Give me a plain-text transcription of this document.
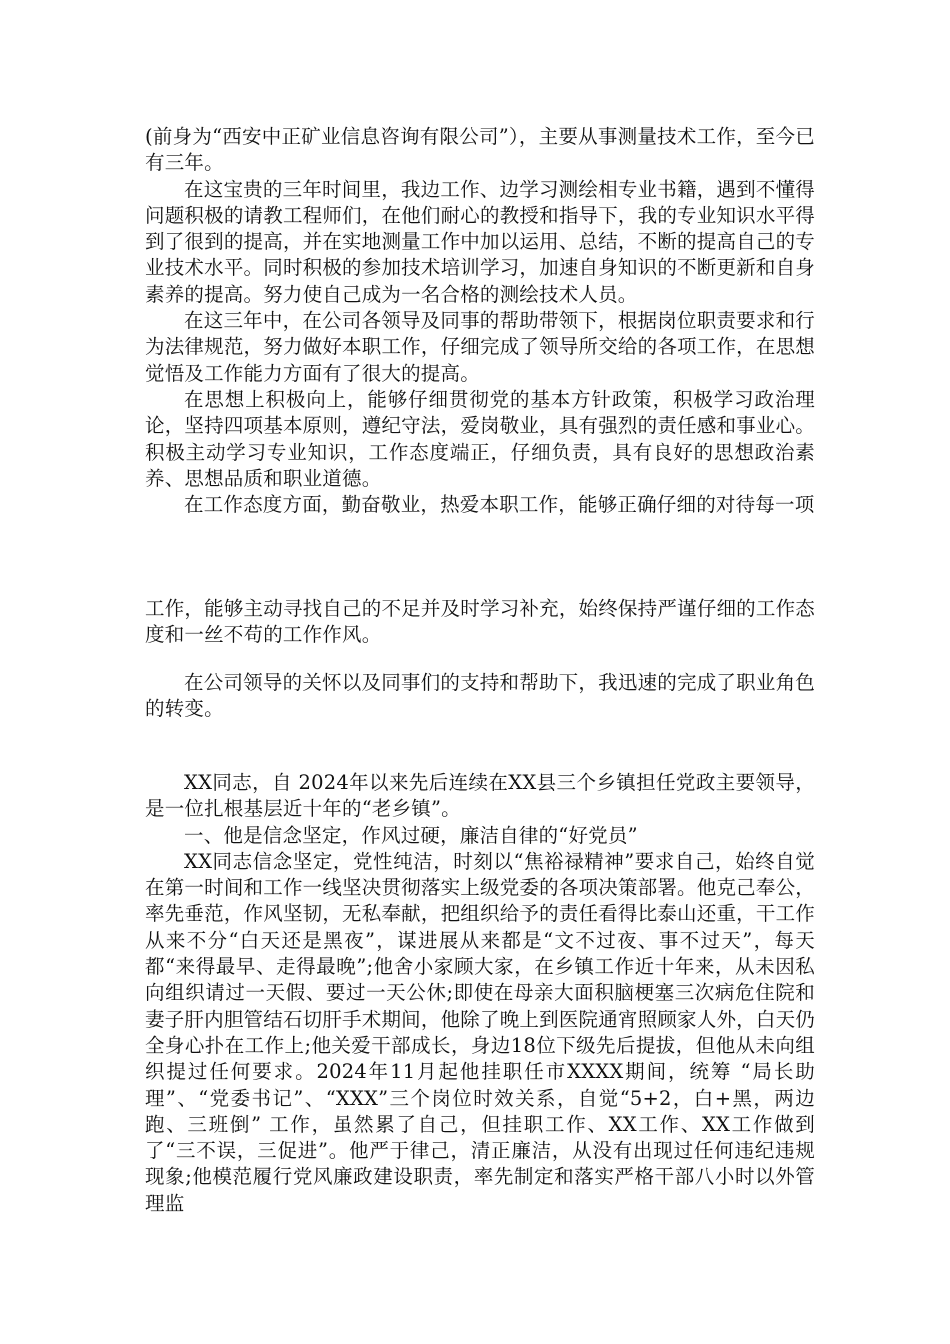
(前身为“西安中正矿业信息咨询有限公司”），主要从事测量技术工作，至今已有三年。

在这宝贵的三年时间里，我边工作、边学习测绘相专业书籍，遇到不懂得问题积极的请教工程师们，在他们耐心的教授和指导下，我的专业知识水平得到了很到的提高，并在实地测量工作中加以运用、总结，不断的提高自己的专业技术水平。同时积极的参加技术培训学习，加速自身知识的不断更新和自身素养的提高。努力使自己成为一名合格的测绘技术人员。

在这三年中，在公司各领导及同事的帮助带领下，根据岗位职责要求和行为法律规范，努力做好本职工作，仔细完成了领导所交给的各项工作，在思想觉悟及工作能力方面有了很大的提高。

在思想上积极向上，能够仔细贯彻党的基本方针政策，积极学习政治理论，坚持四项基本原则，遵纪守法，爱岗敬业，具有强烈的责任感和事业心。积极主动学习专业知识，工作态度端正，仔细负责，具有良好的思想政治素养、思想品质和职业道德。

在工作态度方面，勤奋敬业，热爱本职工作，能够正确仔细的对待每一项

工作，能够主动寻找自己的不足并及时学习补充，始终保持严谨仔细的工作态度和一丝不苟的工作作风。

在公司领导的关怀以及同事们的支持和帮助下，我迅速的完成了职业角色的转变。

XX同志，自 2024年以来先后连续在XX县三个乡镇担任党政主要领导，是一位扎根基层近十年的“老乡镇”。

一、他是信念坚定，作风过硬，廉洁自律的“好党员”

XX同志信念坚定，党性纯洁，时刻以“焦裕禄精神”要求自己，始终自觉在第一时间和工作一线坚决贯彻落实上级党委的各项决策部署。他克己奉公，率先垂范，作风坚韧，无私奉献，把组织给予的责任看得比泰山还重，干工作从来不分“白天还是黑夜”，谋进展从来都是“文不过夜、事不过天”，每天都“来得最早、走得最晚”;他舍小家顾大家，在乡镇工作近十年来，从未因私向组织请过一天假、要过一天公休;即使在母亲大面积脑梗塞三次病危住院和妻子肝内胆管结石切肝手术期间，他除了晚上到医院通宵照顾家人外，白天仍全身心扑在工作上;他关爱干部成长，身边18位下级先后提拔，但他从未向组织提过任何要求。2024年11月起他挂职任市XXXX期间，统筹 “局长助理”、“党委书记”、“XXX”三个岗位时效关系，自觉“5+2，白+黑，两边跑、三班倒” 工作，虽然累了自己，但挂职工作、XX工作、XX工作做到了“三不误，三促进”。他严于律己，清正廉洁，从没有出现过任何违纪违规现象;他模范履行党风廉政建设职责，率先制定和落实严格干部八小时以外管理监
